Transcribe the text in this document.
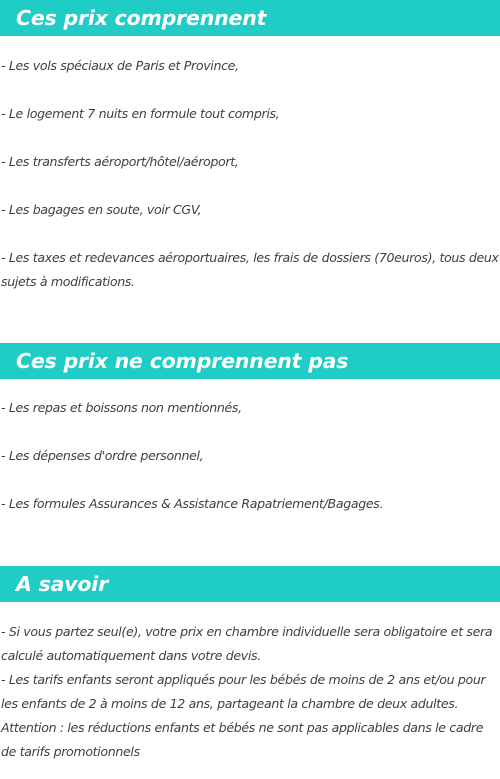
Ces prix comprennent

- Les vols spéciaux de Paris et Province,

- Le logement 7 nuits en formule tout compris,

- Les transferts aéroport/hôtel/aéroport,

- Les bagages en soute, voir CGV,

- Les taxes et redevances aéroportuaires, les frais de dossiers (70euros), tous deux sujets à modifications.

Ces prix ne comprennent pas

- Les repas et boissons non mentionnés,

- Les dépenses d'ordre personnel,

- Les formules Assurances & Assistance Rapatriement/Bagages.

A savoir

- Si vous partez seul(e), votre prix en chambre individuelle sera obligatoire et sera calculé automatiquement dans votre devis.

- Les tarifs enfants seront appliqués pour les bébés de moins de 2 ans et/ou pour les enfants de 2 à moins de 12 ans, partageant la chambre de deux adultes.

Attention : les réductions enfants et bébés ne sont pas applicables dans le cadre de tarifs promotionnels
